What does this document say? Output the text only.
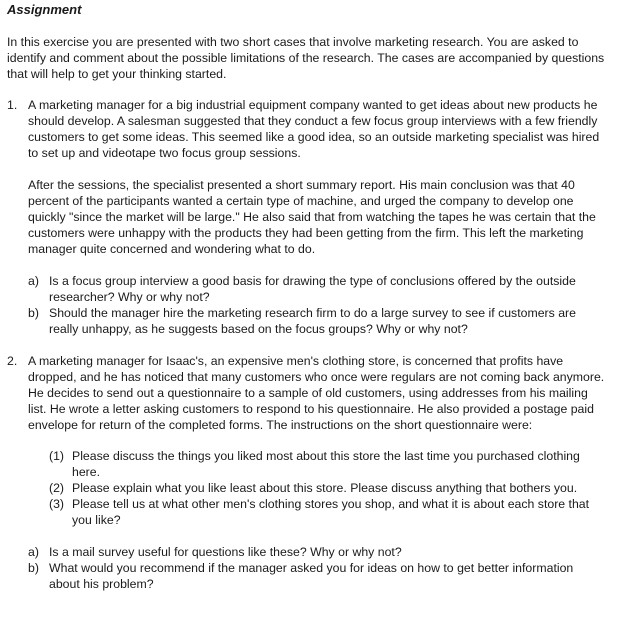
Assignment

In this exercise you are presented with two short cases that involve marketing research. You are asked to identify and comment about the possible limitations of the research. The cases are accompanied by questions that will help to get your thinking started.

1. A marketing manager for a big industrial equipment company wanted to get ideas about new products he should develop. A salesman suggested that they conduct a few focus group interviews with a few friendly customers to get some ideas. This seemed like a good idea, so an outside marketing specialist was hired to set up and videotape two focus group sessions.

After the sessions, the specialist presented a short summary report. His main conclusion was that 40 percent of the participants wanted a certain type of machine, and urged the company to develop one quickly "since the market will be large." He also said that from watching the tapes he was certain that the customers were unhappy with the products they had been getting from the firm. This left the marketing manager quite concerned and wondering what to do.

a) Is a focus group interview a good basis for drawing the type of conclusions offered by the outside researcher? Why or why not?
b) Should the manager hire the marketing research firm to do a large survey to see if customers are really unhappy, as he suggests based on the focus groups? Why or why not?
2. A marketing manager for Isaac's, an expensive men's clothing store, is concerned that profits have dropped, and he has noticed that many customers who once were regulars are not coming back anymore. He decides to send out a questionnaire to a sample of old customers, using addresses from his mailing list. He wrote a letter asking customers to respond to his questionnaire. He also provided a postage paid envelope for return of the completed forms. The instructions on the short questionnaire were:

(1) Please discuss the things you liked most about this store the last time you purchased clothing here.
(2) Please explain what you like least about this store. Please discuss anything that bothers you.
(3) Please tell us at what other men's clothing stores you shop, and what it is about each store that you like?
a) Is a mail survey useful for questions like these? Why or why not?
b) What would you recommend if the manager asked you for ideas on how to get better information about his problem?
